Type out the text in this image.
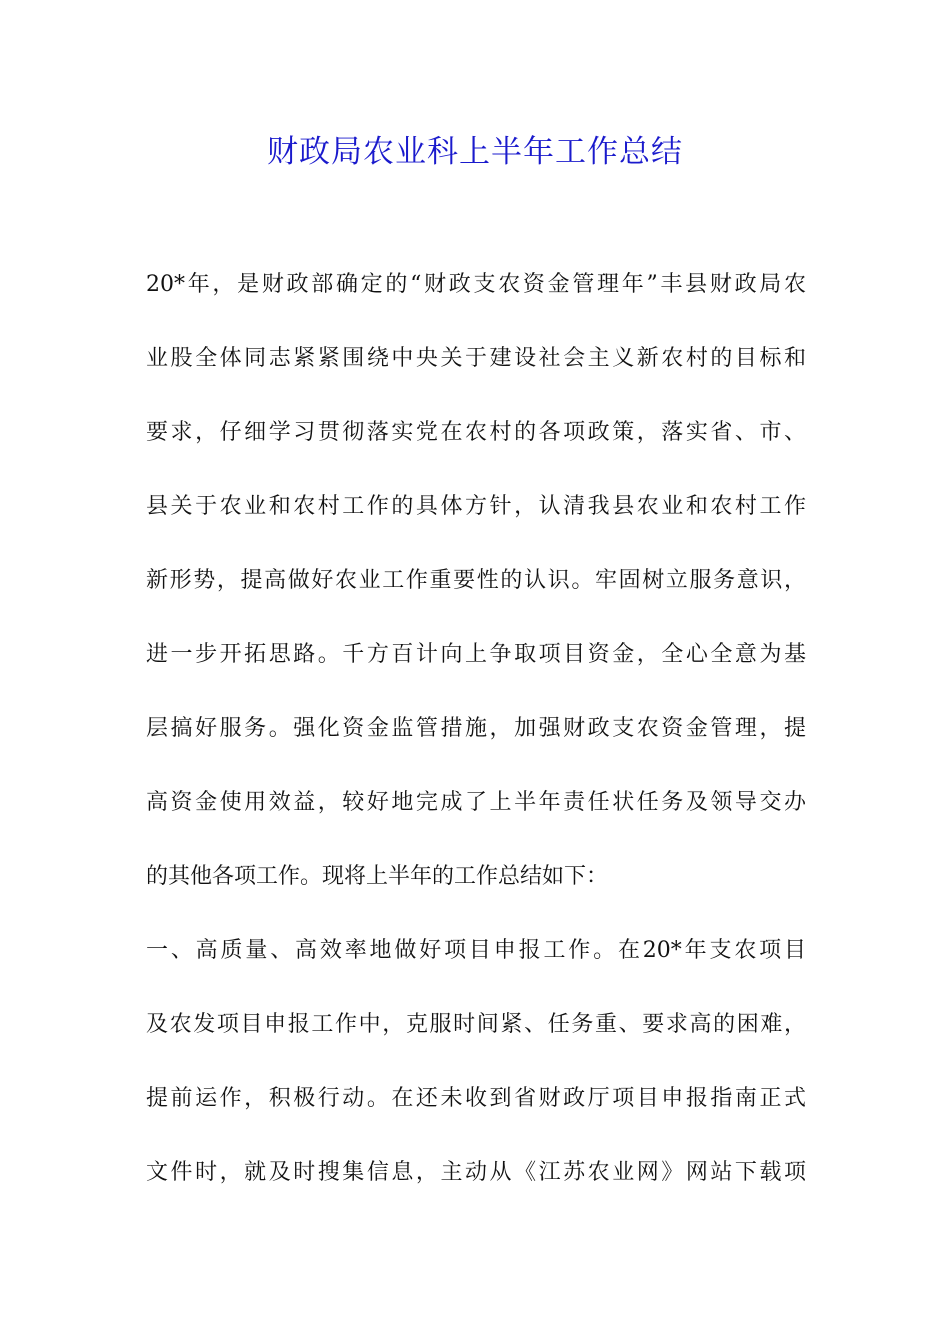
财政局农业科上半年工作总结
20*年，是财政部确定的“财政支农资金管理年”丰县财政局农
业股全体同志紧紧围绕中央关于建设社会主义新农村的目标和
要求，仔细学习贯彻落实党在农村的各项政策，落实省、市、
县关于农业和农村工作的具体方针，认清我县农业和农村工作
新形势，提高做好农业工作重要性的认识。牢固树立服务意识，
进一步开拓思路。千方百计向上争取项目资金，全心全意为基
层搞好服务。强化资金监管措施，加强财政支农资金管理，提
高资金使用效益，较好地完成了上半年责任状任务及领导交办
的其他各项工作。现将上半年的工作总结如下：
一、高质量、高效率地做好项目申报工作。在20*年支农项目
及农发项目申报工作中，克服时间紧、任务重、要求高的困难，
提前运作，积极行动。在还未收到省财政厅项目申报指南正式
文件时，就及时搜集信息，主动从《江苏农业网》网站下载项
